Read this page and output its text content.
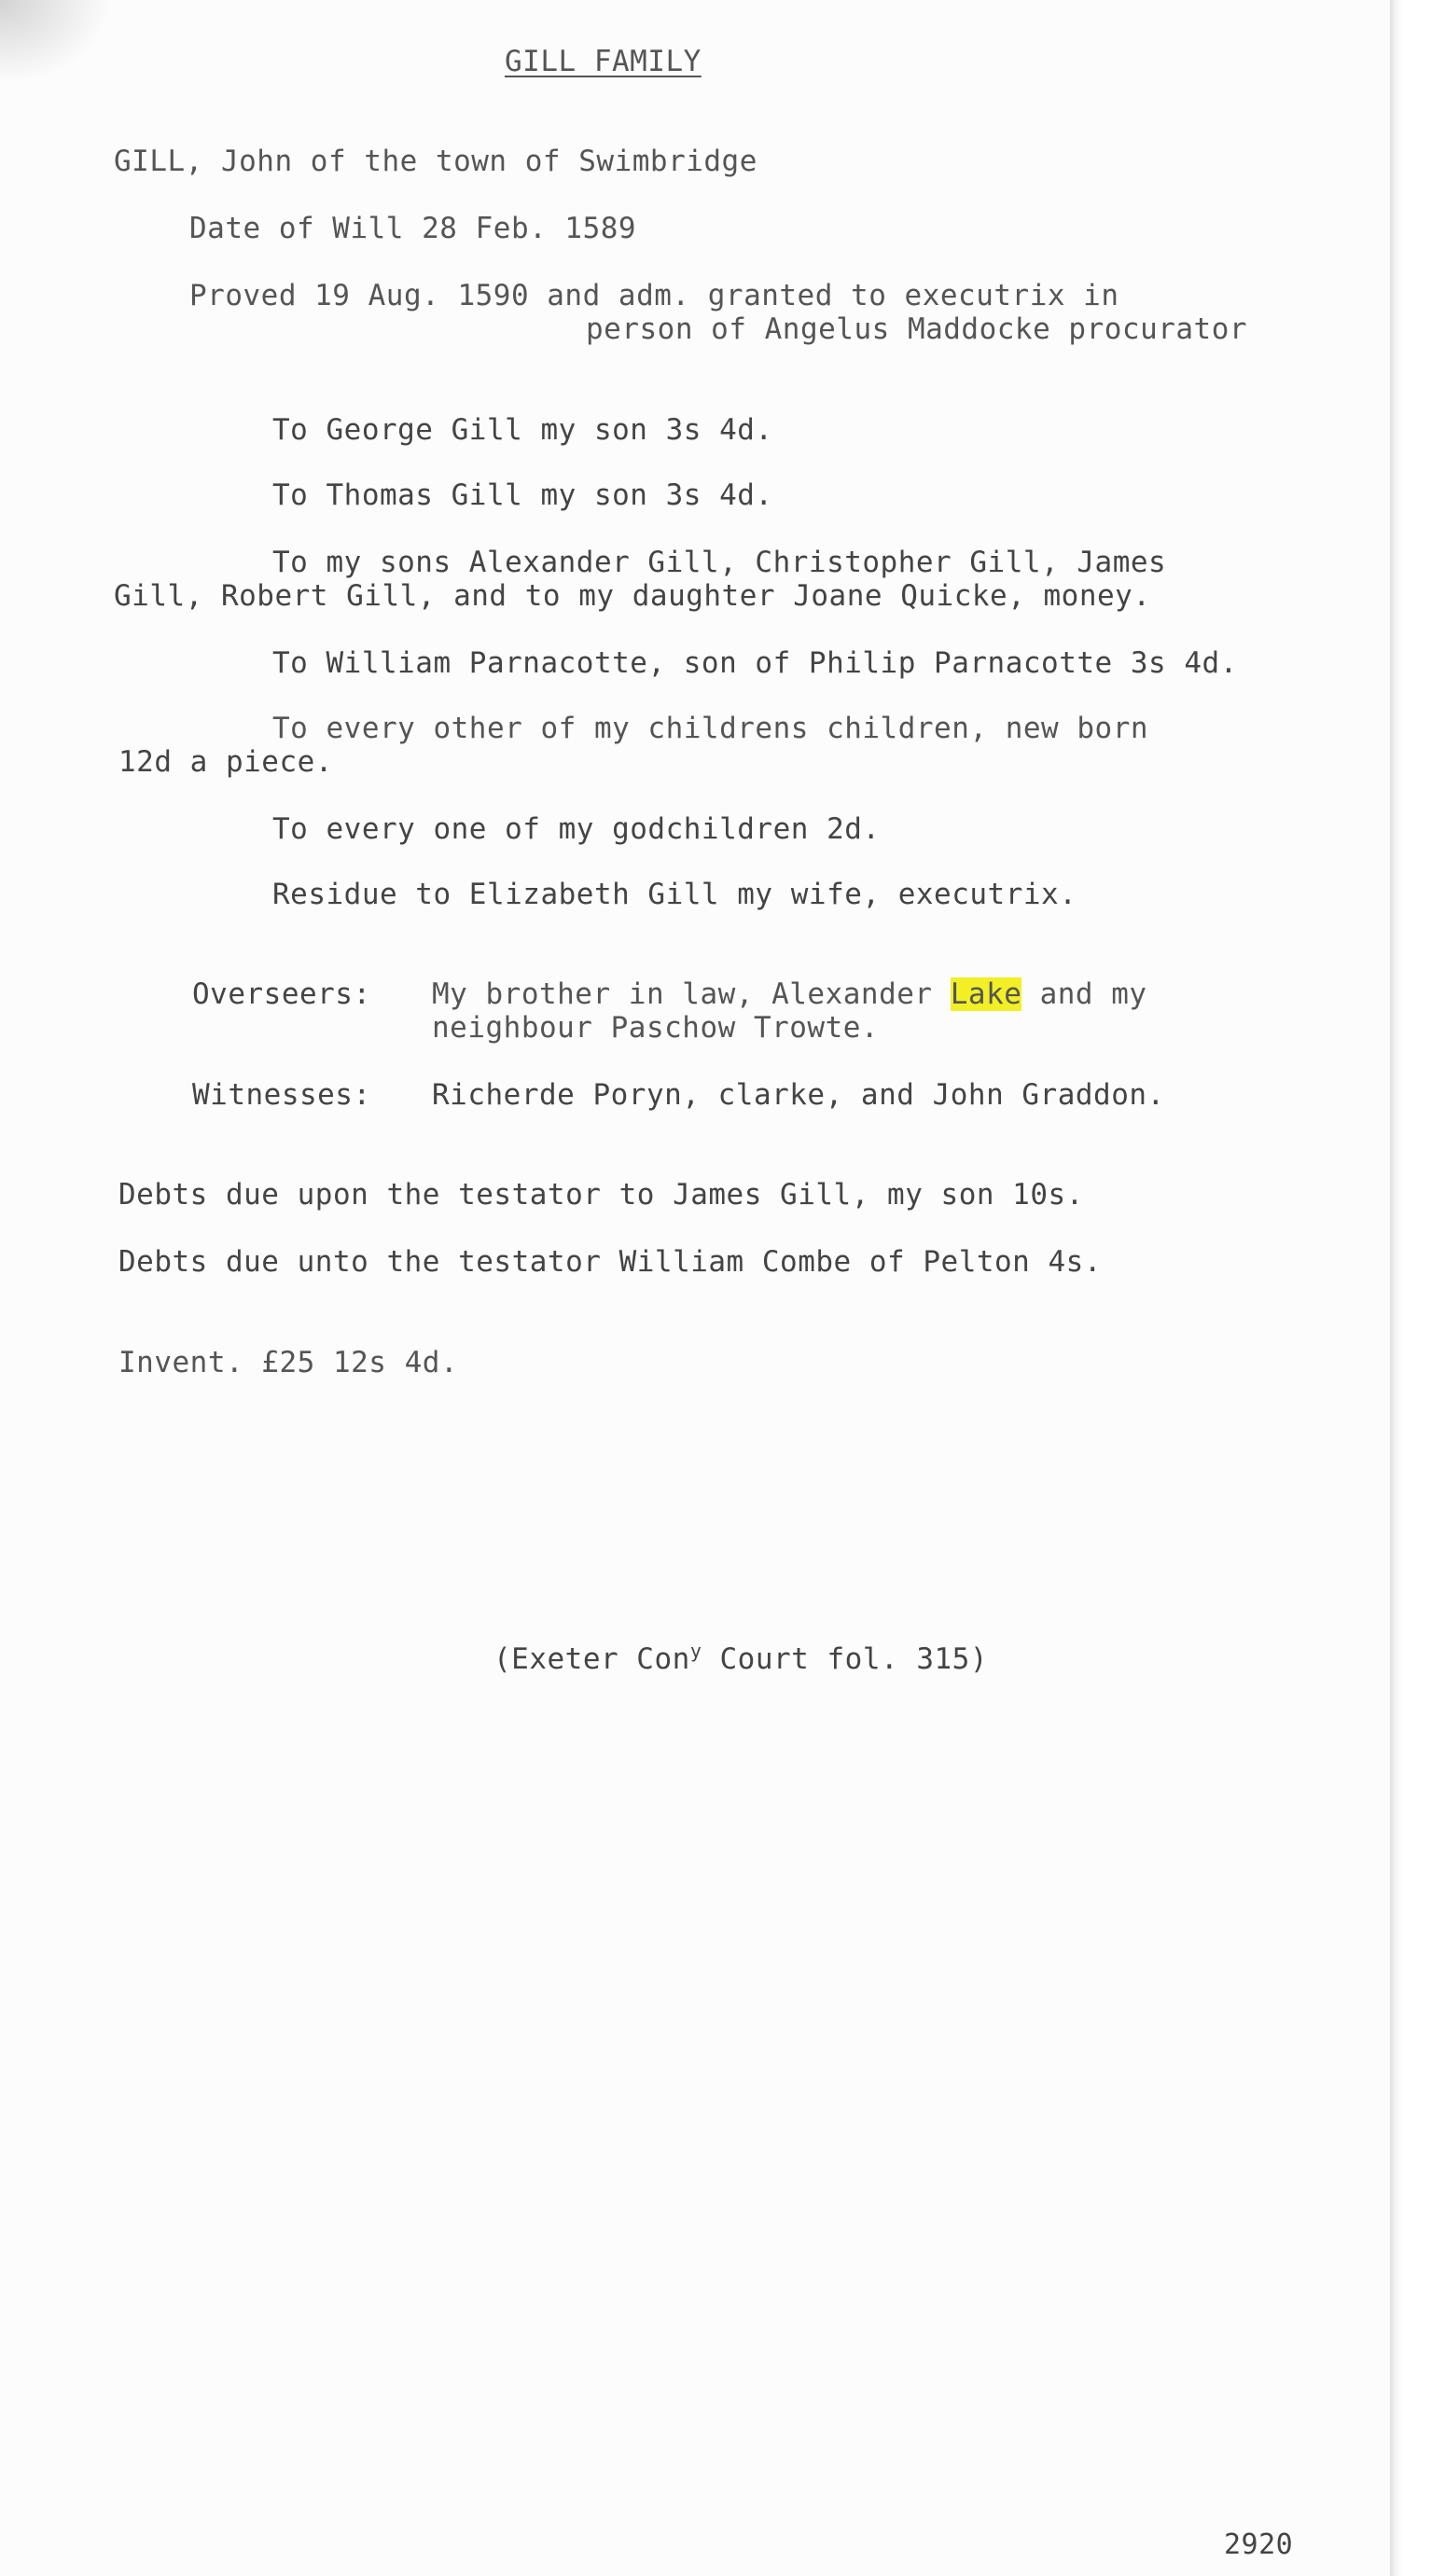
GILL FAMILY
GILL, John of the town of Swimbridge
Date of Will 28 Feb. 1589
Proved 19 Aug. 1590 and adm. granted to executrix in
person of Angelus Maddocke procurator
To George Gill my son 3s 4d.
To Thomas Gill my son 3s 4d.
To my sons Alexander Gill, Christopher Gill, James
Gill, Robert Gill, and to my daughter Joane Quicke, money.
To William Parnacotte, son of Philip Parnacotte 3s 4d.
To every other of my childrens children, new born
12d a piece.
To every one of my godchildren 2d.
Residue to Elizabeth Gill my wife, executrix.
Overseers: My brother in law, Alexander Lake and my
neighbour Paschow Trowte.
Witnesses: Richerde Poryn, clarke, and John Graddon.
Debts due upon the testator to James Gill, my son 10s.
Debts due unto the testator William Combe of Pelton 4s.
Invent. £25 12s 4d.
(Exeter Con$^y$ Court fol. 315)
2920
